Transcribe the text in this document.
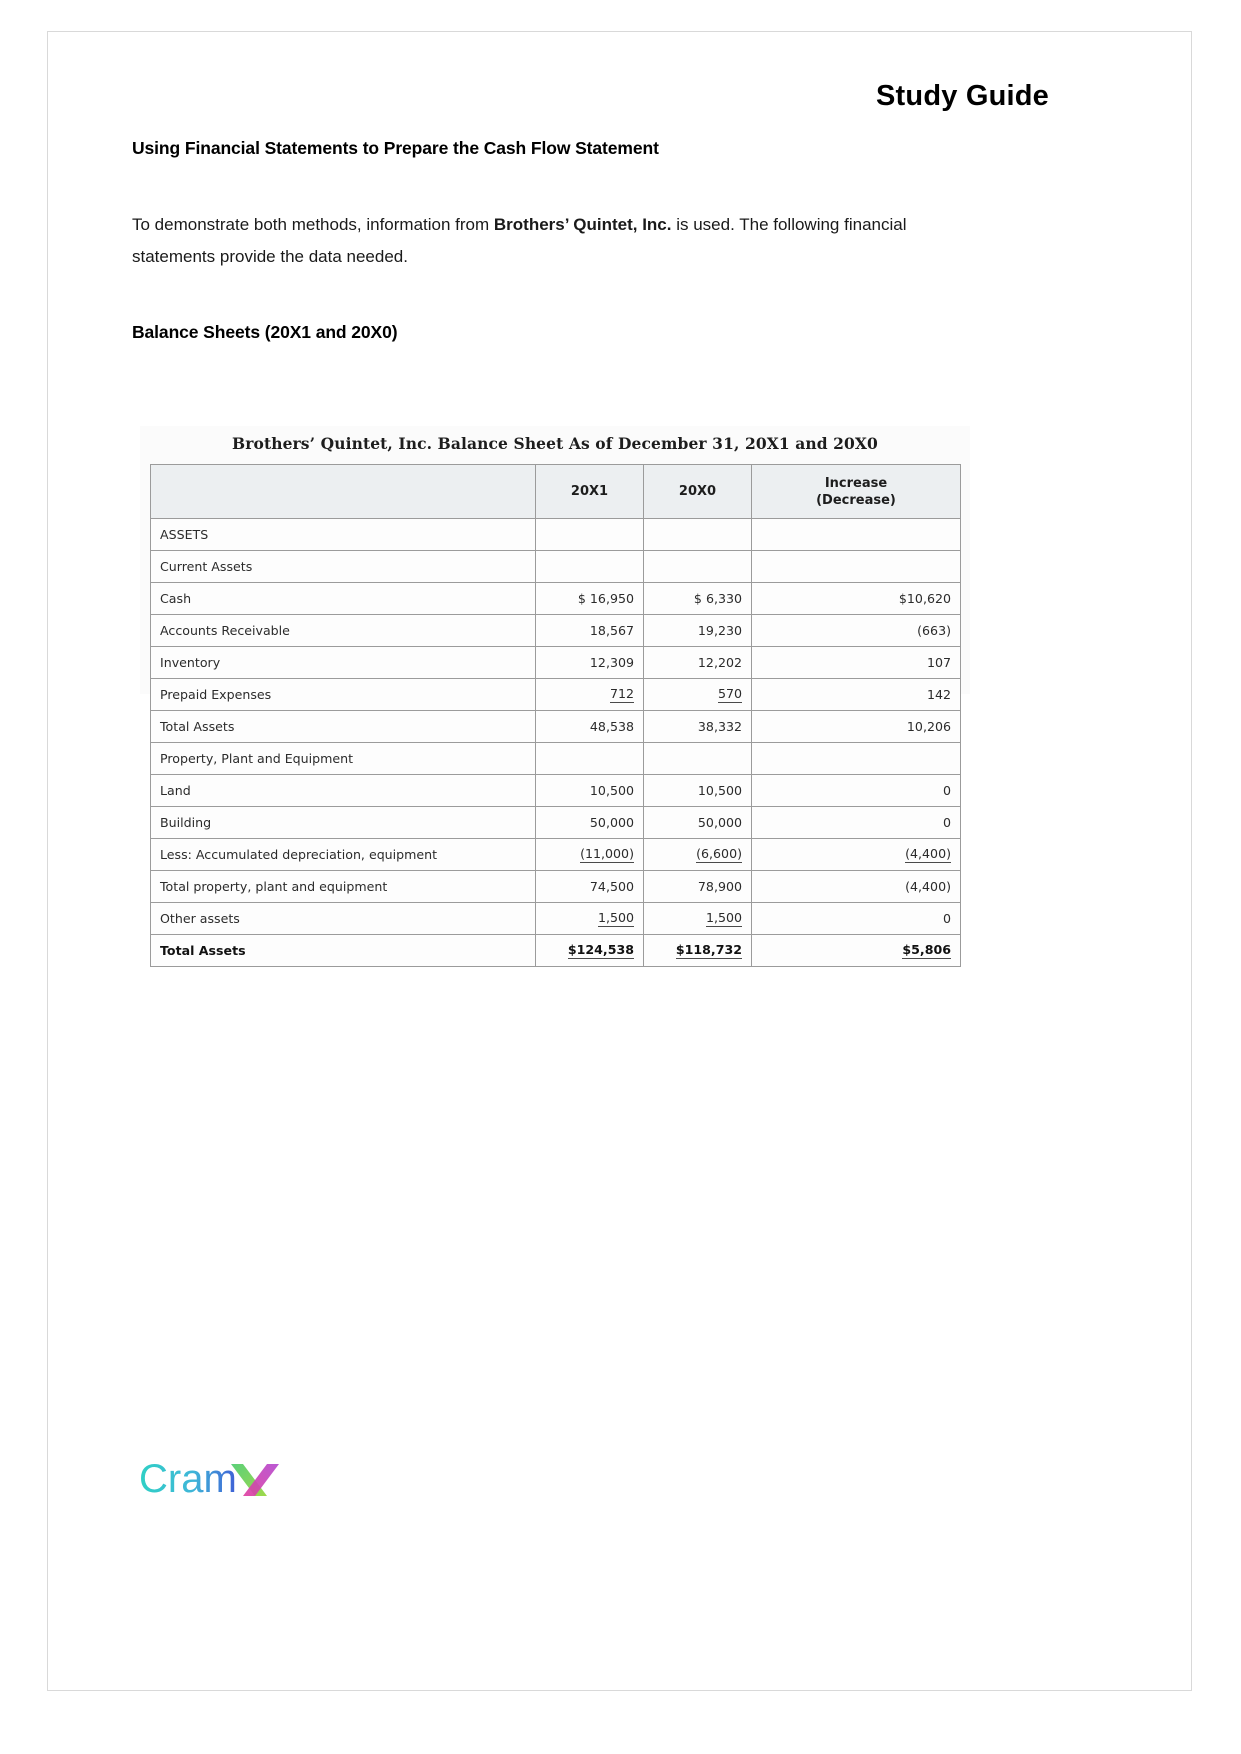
Study Guide
Using Financial Statements to Prepare the Cash Flow Statement

To demonstrate both methods, information from Brothers’ Quintet, Inc. is used. The following financial statements provide the data needed.

Balance Sheets (20X1 and 20X0)
Brothers’ Quintet, Inc. Balance Sheet As of December 31, 20X1 and 20X0
	20X1	20X0	Increase
(Decrease)
ASSETS			
Current Assets			
Cash	$ 16,950	$ 6,330	$10,620
Accounts Receivable	18,567	19,230	(663)
Inventory	12,309	12,202	107
Prepaid Expenses	712	570	142
Total Assets	48,538	38,332	10,206
Property, Plant and Equipment			
Land	10,500	10,500	0
Building	50,000	50,000	0
Less: Accumulated depreciation, equipment	(11,000)	(6,600)	(4,400)
Total property, plant and equipment	74,500	78,900	(4,400)
Other assets	1,500	1,500	0
Total Assets	$124,538	$118,732	$5,806
Cram
